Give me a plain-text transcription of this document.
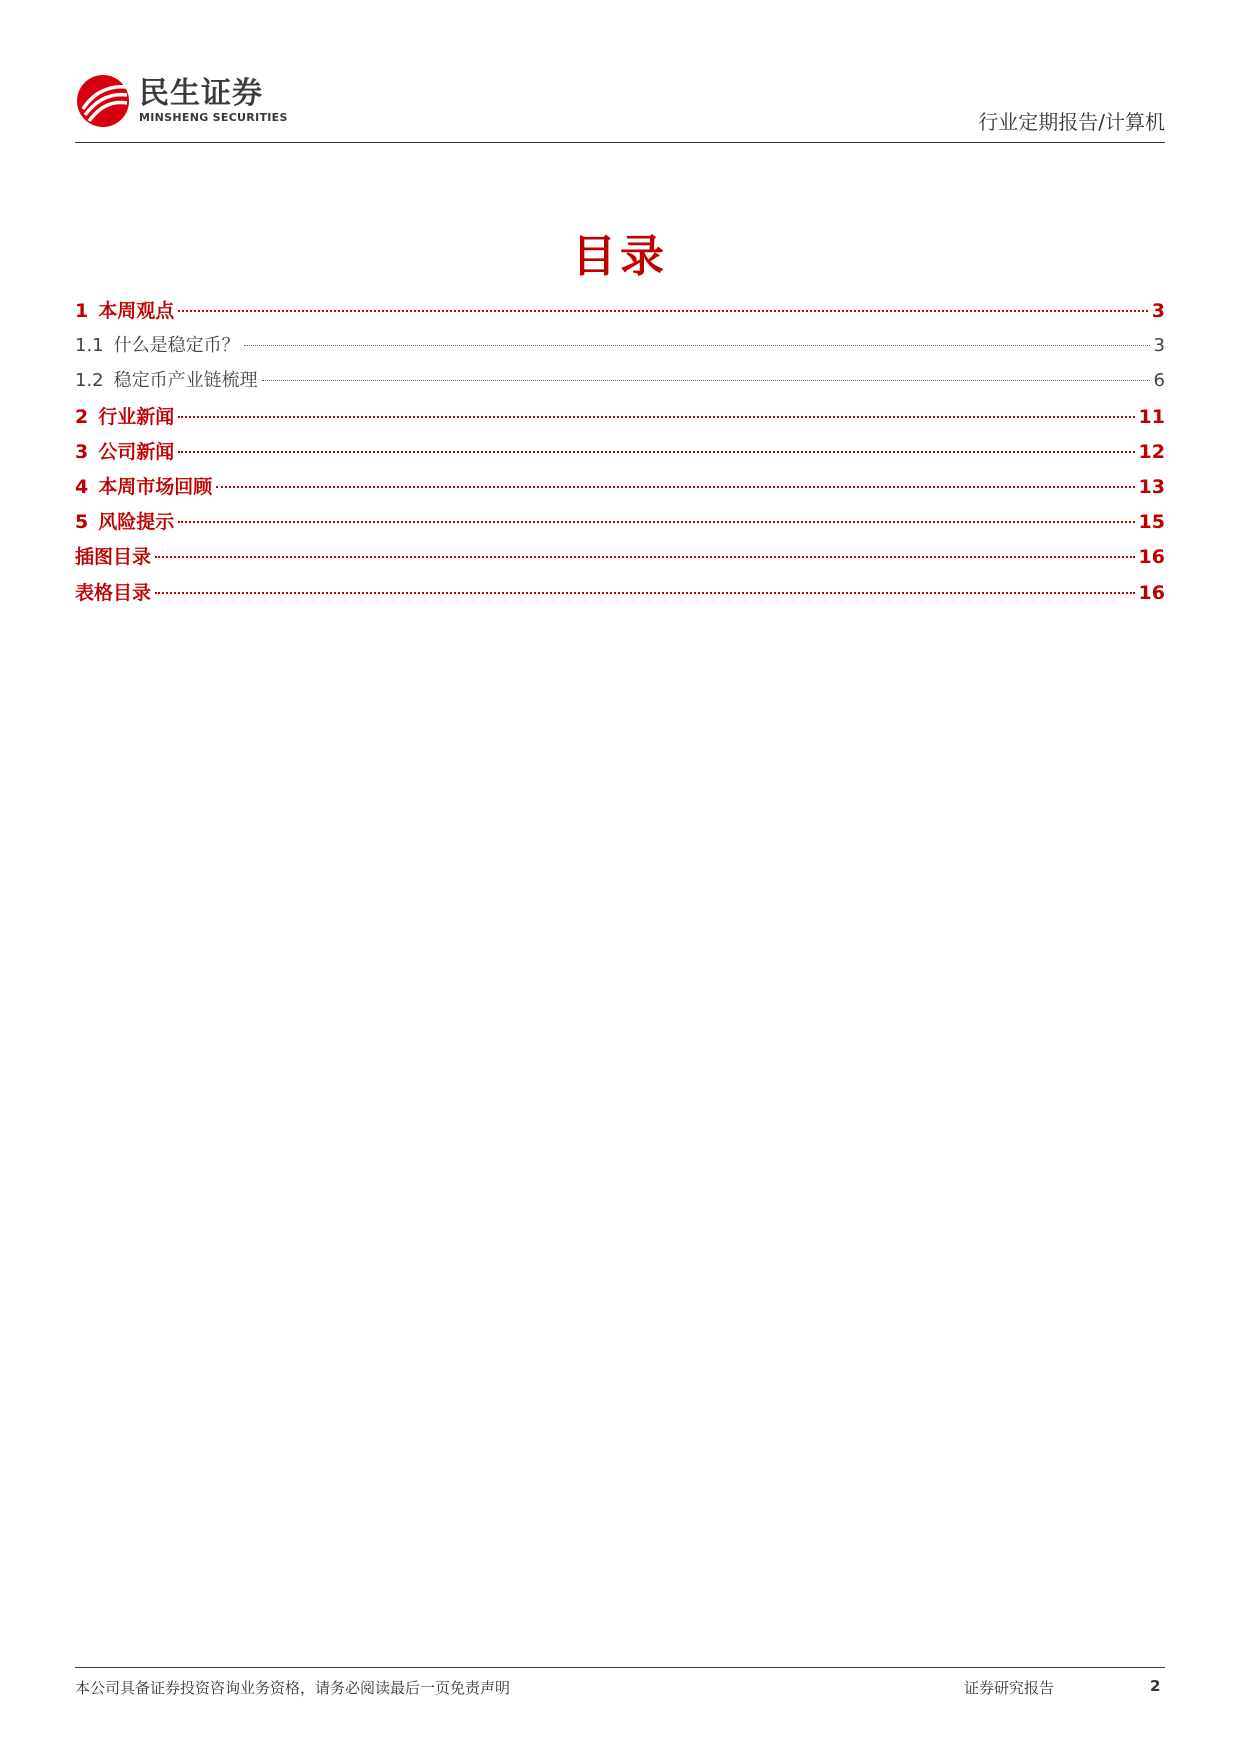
民生证券
MINSHENG SECURITIES	行业定期报告/计算机
目录
1 本周观点	3
1.1 什么是稳定币？	3
1.2 稳定币产业链梳理	6
2 行业新闻	11
3 公司新闻	12
4 本周市场回顾	13
5 风险提示	15
插图目录	16
表格目录	16
本公司具备证券投资咨询业务资格，请务必阅读最后一页免责声明	证券研究报告	2
